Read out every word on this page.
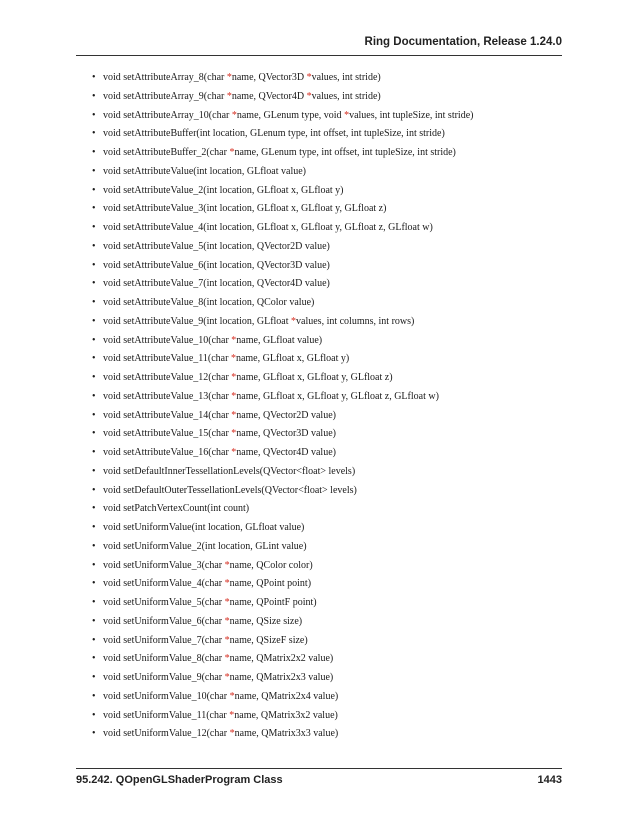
Ring Documentation, Release 1.24.0
• void setAttributeArray_8(char *name, QVector3D *values, int stride)
• void setAttributeArray_9(char *name, QVector4D *values, int stride)
• void setAttributeArray_10(char *name, GLenum type, void *values, int tupleSize, int stride)
• void setAttributeBuffer(int location, GLenum type, int offset, int tupleSize, int stride)
• void setAttributeBuffer_2(char *name, GLenum type, int offset, int tupleSize, int stride)
• void setAttributeValue(int location, GLfloat value)
• void setAttributeValue_2(int location, GLfloat x, GLfloat y)
• void setAttributeValue_3(int location, GLfloat x, GLfloat y, GLfloat z)
• void setAttributeValue_4(int location, GLfloat x, GLfloat y, GLfloat z, GLfloat w)
• void setAttributeValue_5(int location, QVector2D value)
• void setAttributeValue_6(int location, QVector3D value)
• void setAttributeValue_7(int location, QVector4D value)
• void setAttributeValue_8(int location, QColor value)
• void setAttributeValue_9(int location, GLfloat *values, int columns, int rows)
• void setAttributeValue_10(char *name, GLfloat value)
• void setAttributeValue_11(char *name, GLfloat x, GLfloat y)
• void setAttributeValue_12(char *name, GLfloat x, GLfloat y, GLfloat z)
• void setAttributeValue_13(char *name, GLfloat x, GLfloat y, GLfloat z, GLfloat w)
• void setAttributeValue_14(char *name, QVector2D value)
• void setAttributeValue_15(char *name, QVector3D value)
• void setAttributeValue_16(char *name, QVector4D value)
• void setDefaultInnerTessellationLevels(QVector<float> levels)
• void setDefaultOuterTessellationLevels(QVector<float> levels)
• void setPatchVertexCount(int count)
• void setUniformValue(int location, GLfloat value)
• void setUniformValue_2(int location, GLint value)
• void setUniformValue_3(char *name, QColor color)
• void setUniformValue_4(char *name, QPoint point)
• void setUniformValue_5(char *name, QPointF point)
• void setUniformValue_6(char *name, QSize size)
• void setUniformValue_7(char *name, QSizeF size)
• void setUniformValue_8(char *name, QMatrix2x2 value)
• void setUniformValue_9(char *name, QMatrix2x3 value)
• void setUniformValue_10(char *name, QMatrix2x4 value)
• void setUniformValue_11(char *name, QMatrix3x2 value)
• void setUniformValue_12(char *name, QMatrix3x3 value)
95.242. QOpenGLShaderProgram Class	1443
